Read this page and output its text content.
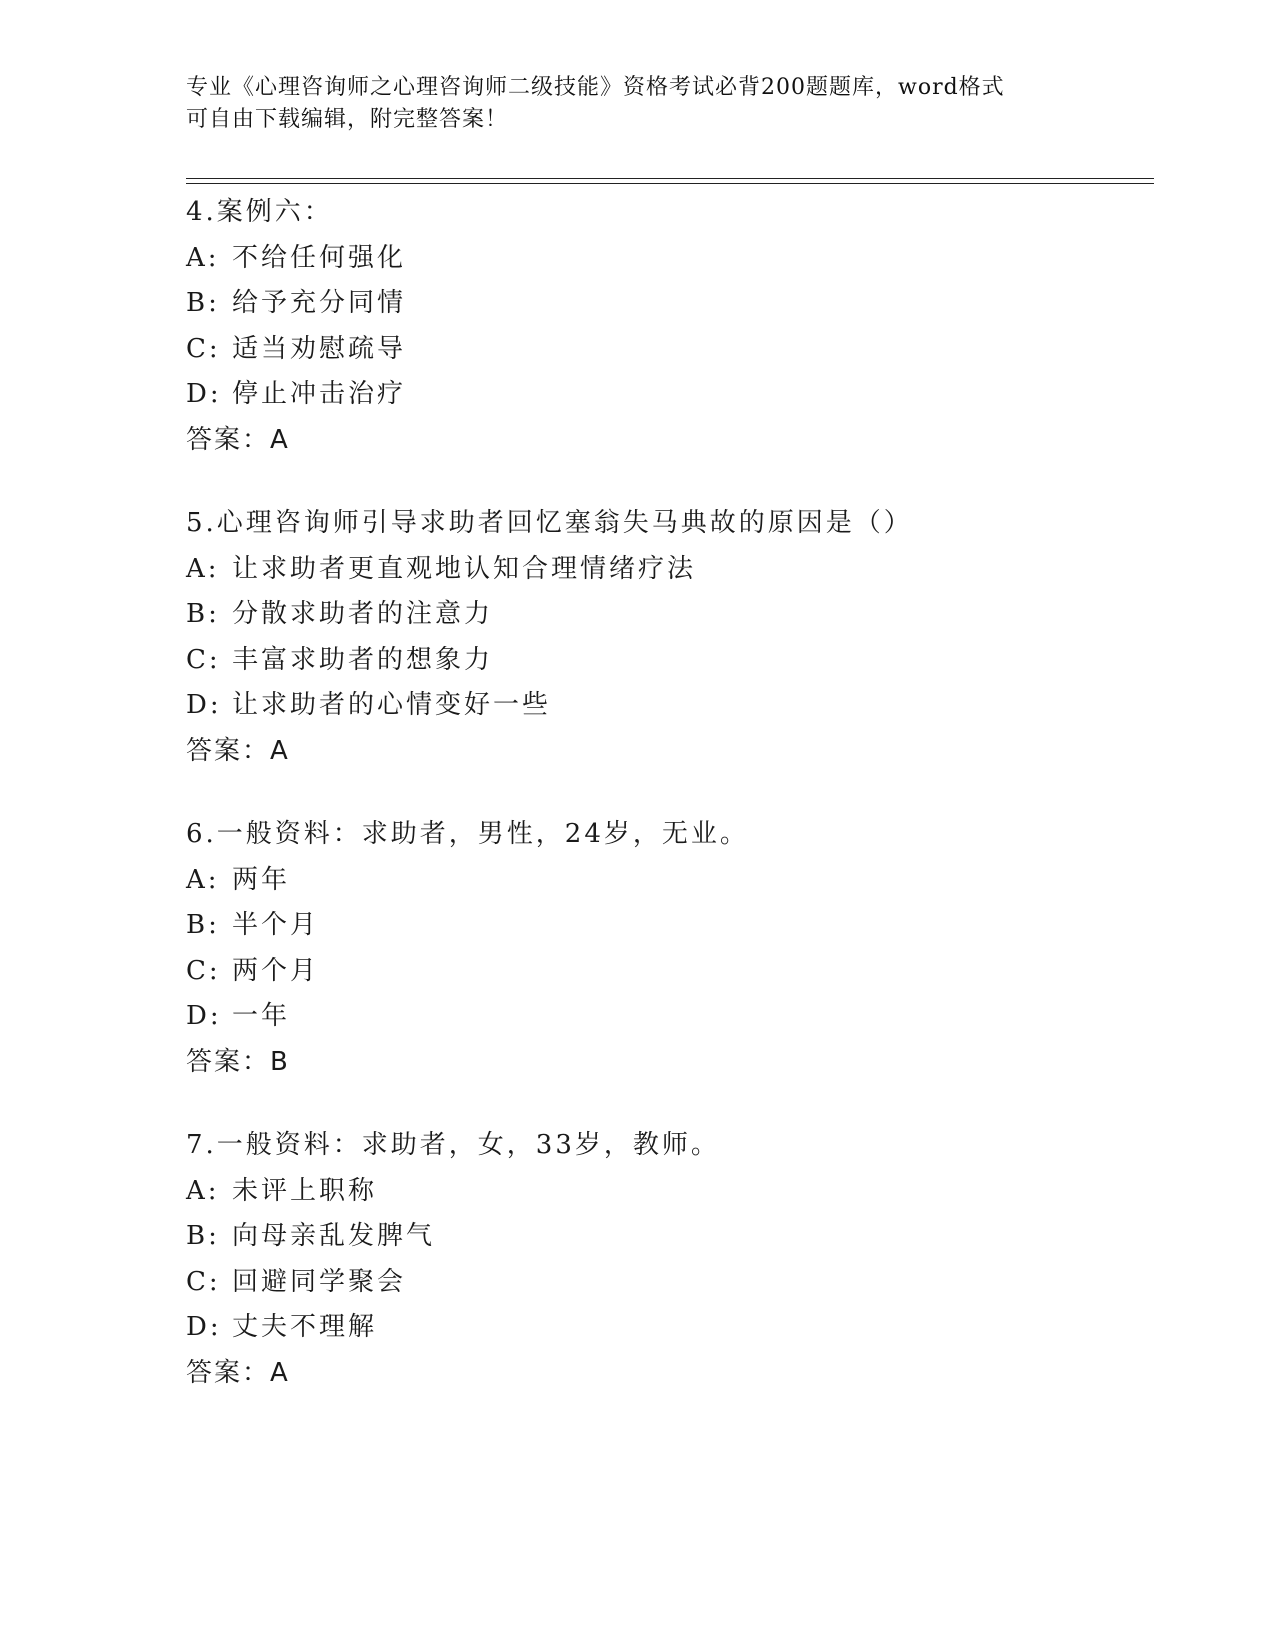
专业《心理咨询师之心理咨询师二级技能》资格考试必背200题题库，word格式
可自由下载编辑，附完整答案！
4.案例六：
A: 不给任何强化
B: 给予充分同情
C: 适当劝慰疏导
D: 停止冲击治疗
答案：A
5.心理咨询师引导求助者回忆塞翁失马典故的原因是（）
A: 让求助者更直观地认知合理情绪疗法
B: 分散求助者的注意力
C: 丰富求助者的想象力
D: 让求助者的心情变好一些
答案：A
6.一般资料：求助者，男性，24岁，无业。
A: 两年
B: 半个月
C: 两个月
D: 一年
答案：B
7.一般资料：求助者，女，33岁，教师。
A: 未评上职称
B: 向母亲乱发脾气
C: 回避同学聚会
D: 丈夫不理解
答案：A
